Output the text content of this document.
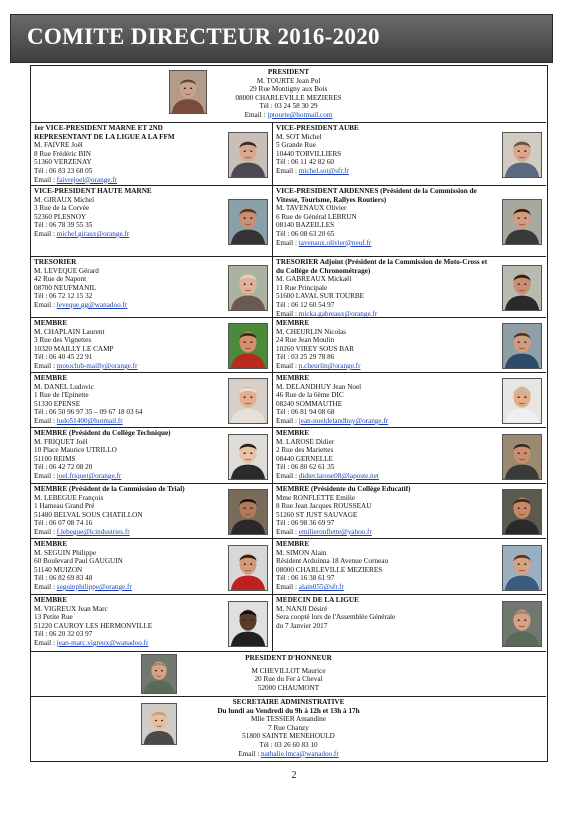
COMITE DIRECTEUR 2016-2020
PRESIDENT
M. TOURTE Jean Pol
29 Rue Montigny aux Bois
08000 CHARLEVILLE MEZIERES
Tél : 03 24 58 30 29
Email : jptourte@hotmail.com
1er VICE-PRESIDENT MARNE ET 2ND REPRESENTANT DE LA LIGUE A LA FFM
M. FAIVRE Joël
8 Rue Frédéric BIN
51360 VERZENAY
Tél : 06 83 23 68 05
Email : faivrejoel@orange.fr
VICE-PRESIDENT AUBE
M. SOT Michel
5 Grande Rue
10440 TORVILLIERS
Tél : 06 11 42 82 60
Email : michel.sot@sfr.fr
VICE-PRESIDENT HAUTE MARNE
M. GIRAUX Michel
3 Rue de la Corvée
52360 PLESNOY
Tél : 06 78 39 55 35
Email : michel.giraux@orange.fr
VICE-PRESIDENT ARDENNES (Président de la Commission de Vitesse, Tourisme, Rallyes Routiers)
M. TAVENAUX Olivier
6 Rue de Général LEBRUN
08140 BAZEILLES
Tél : 06 08 63 20 65
Email : tavenaux.olivier@neuf.fr
TRESORIER
M. LEVEQUE Gérard
42 Rue de Napont
08700 NEUFMANIL
Tél : 06 72 12 15 32
Email : leveque.gg@wanadoo.fr
TRESORIER Adjoint (Président de la Commission de Moto-Cross et du Collège de Chronométrage)
M. GABREAUX Mickaël
11 Rue Principale
51600 LAVAL SUR TOURBE
Tél : 06 12 60 54 97
Email : micka.gabreaux@orange.fr
MEMBRE
M. CHAPLAIN Laurent
3 Rue des Vignettes
10320 MAILLY LE CAMP
Tél : 06 40 45 22 91
Email : motoclub-mailly@orange.fr
MEMBRE
M. CHEURLIN Nicolas
24 Rue Jean Moulin
10260 VIREY SOUS BAR
Tél : 03 25 29 78 86
Email : n.cheurlin@orange.fr
MEMBRE
M. DANEL Ludovic
1 Rue de l'Epinette
51330 EPENSE
Tél : 06 50 96 97 35 – 09 67 18 03 64
Email : ludo51400@hotmail.fr
MEMBRE
M. DELANDHUY Jean Noel
46 Rue de la 6ème DIC
08240 SOMMAUTHE
Tél : 06 81 94 08 68
Email : jean-noeldelandhuy@orange.fr
MEMBRE (Président du Collège Technique)
M. FRIQUET Joël
10 Place Maurice UTRILLO
51100 REIMS
Tél : 06 42 72 08 20
Email : joel.friquet@orange.fr
MEMBRE
M. LAROSE Didier
2 Rue des Mariettes
08440 GERNELLE
Tél : 06 80 62 61 35
Email : didier.larose08@laposte.net
MEMBRE (Président de la Commission de Trial)
M. LEBEGUE François
1 Hameau Grand Pré
51480 BELVAL SOUS CHATILLON
Tél : 06 07 08 74 16
Email : f.lebegue@lcindustries.fr
MEMBRE (Présidente du Collège Educatif)
Mme RONFLETTE Emilie
8 Rue Jean Jacques ROUSSEAU
51260 ST JUST SAUVAGE
Tél : 06 98 36 69 97
Email : emilieronflette@yahoo.fr
MEMBRE
M. SEGUIN Philippe
60 Boulevard Paul GAUGUIN
51140 MUIZON
Tél : 06 82 69 83 48
Email : seguinphilippe@orange.fr
MEMBRE
M. SIMON Alain
Résident Arduinna 18 Avenue Corneau
08000 CHARLEVILLE MEZIERES
Tél : 06 16 38 61 97
Email : alain055@sfr.fr
MEMBRE
M. VIGREUX Jean Marc
13 Petite Rue
51220 CAUROY LES HERMONVILLE
Tél : 06 20 32 03 97
Email : jean-marc.vigreux@wanadoo.fr
MEDECIN DE LA LIGUE
M. NANJI Désiré
Sera coopté lors de l'Assemblée Générale
du 7 Janvier 2017
PRESIDENT D'HONNEUR
M CHEVILLOT Maurice
20 Rue du Fer à Cheval
52000 CHAUMONT
SECRETAIRE ADMINISTRATIVE
Du lundi au Vendredi du 9h à 12h et 13h à 17h
Mlle TESSIER Amandine
7 Rue Chanzy
51800 SAINTE MENEHOULD
Tél : 03 26 60 83 10
Email : nathalie.lmca@wanadoo.fr
2
